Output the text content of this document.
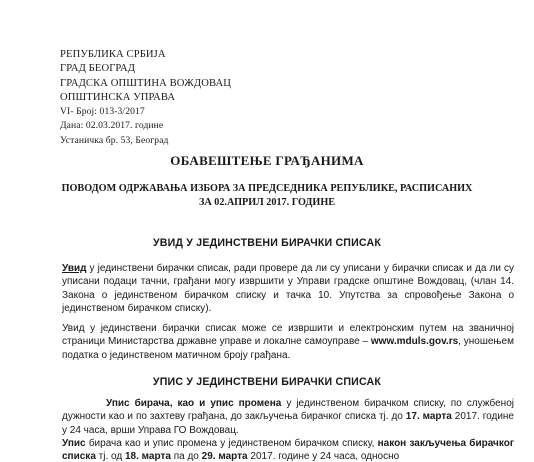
РЕПУБЛИКА СРБИЈА
ГРАД БЕОГРАД
ГРАДСКА ОПШТИНА ВОЖДОВАЦ
ОПШТИНСКА УПРАВА
VI- Број: 013-3/2017
Дана: 02.03.2017. године
Устаничка бр. 53, Београд
ОБАВЕШТЕЊЕ ГРАЂАНИМА
ПОВОДОМ ОДРЖАВАЊА ИЗБОРА ЗА ПРЕДСЕДНИКА РЕПУБЛИКЕ, РАСПИСАНИХ
ЗА 02.АПРИЛ 2017. ГОДИНЕ
УВИД У ЈЕДИНСТВЕНИ БИРАЧКИ СПИСАК
Увид у јединствени бирачки списак, ради провере да ли су уписани у бирачки списак и да ли су уписани подаци тачни, грађани могу извршити у Управи градске општине Вождовац, (члан 14. Закона о јединственом бирачком списку и тачка 10. Упутства за спровођење Закона о јединственом бирачком списку).
Увид у јединствени бирачки списак може се извршити и електронским путем на званичној страници Министарства државне управе и локалне самоуправе – www.mduls.gov.rs, уношењем податка о јединственом матичном броју грађана.
УПИС У ЈЕДИНСТВЕНИ БИРАЧКИ СПИСАК
Упис бирача, као и упис промена у јединственом бирачком списку, по службеној дужности као и по захтеву грађана, до закључења бирачког списка тј. до 17. марта 2017. године у 24 часа, врши Управа ГО Вождовац.
Упис бирача као и упис промена у јединственом бирачком списку, након закључења бирачког списка тј. од 18. марта па до 29. марта 2017. године у 24 часа, односно
